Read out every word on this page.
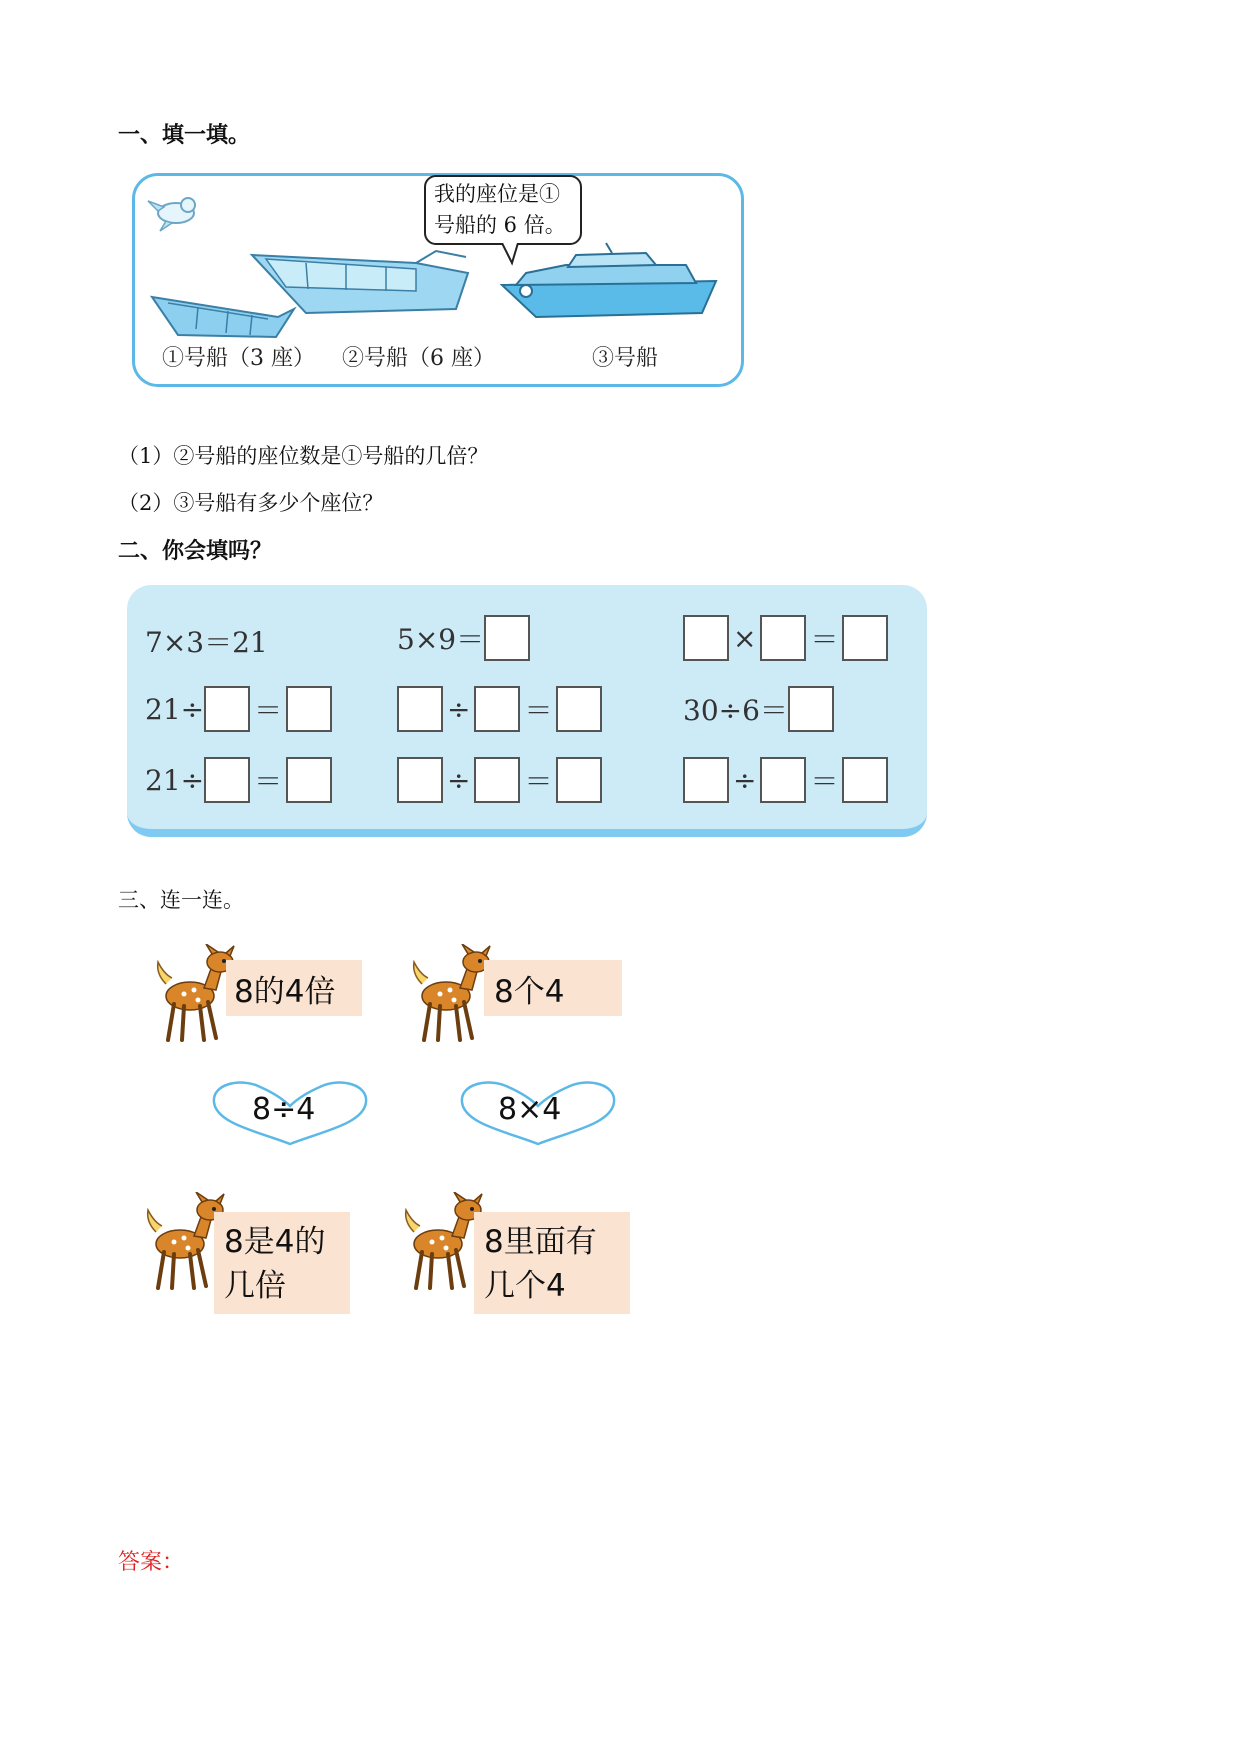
一、填一填。
我的座位是①
号船的 6 倍。
①号船（3 座） ②号船（6 座）	③号船
（1）②号船的座位数是①号船的几倍？
（2）③号船有多少个座位？
二、你会填吗？
7×3＝21	5×9＝	× ＝
21÷ ＝	÷ ＝	30÷6＝
21÷ ＝	÷ ＝	÷ ＝
三、连一连。
8的4倍	8个4
8÷4	8×4
8是4的
几倍
8里面有
几个4
答案：
